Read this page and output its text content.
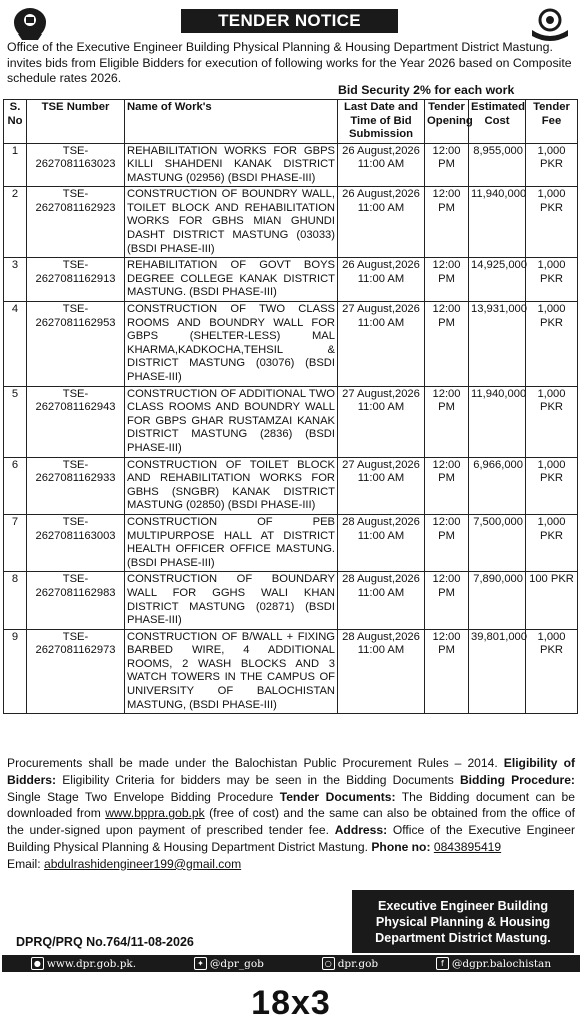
TENDER NOTICE
Office of the Executive Engineer Building Physical Planning & Housing Department District Mastung. invites bids from Eligible Bidders for execution of following works for the Year 2026 based on Composite schedule rates 2026.
Bid Security 2% for each work
S. No	TSE Number	Name of Work's	Last Date and Time of Bid Submission	Tender Opening	Estimated Cost	Tender Fee
1	TSE-2627081163023	REHABILITATION WORKS FOR GBPS KILLI SHAHDENI KANAK DISTRICT MASTUNG (02956) (BSDI PHASE-III)	26 August,2026 11:00 AM	12:00 PM	8,955,000	1,000 PKR
2	TSE-2627081162923	CONSTRUCTION OF BOUNDRY WALL, TOILET BLOCK AND REHABILITATION WORKS FOR GBHS MIAN GHUNDI DASHT DISTRICT MASTUNG (03033) (BSDI PHASE-III)	26 August,2026 11:00 AM	12:00 PM	11,940,000	1,000 PKR
3	TSE-2627081162913	REHABILITATION OF GOVT BOYS DEGREE COLLEGE KANAK DISTRICT MASTUNG. (BSDI PHASE-III)	26 August,2026 11:00 AM	12:00 PM	14,925,000	1,000 PKR
4	TSE-2627081162953	CONSTRUCTION OF TWO CLASS ROOMS AND BOUNDRY WALL FOR GBPS (SHELTER-LESS) MAL KHARMA,KADKOCHA,TEHSIL & DISTRICT MASTUNG (03076) (BSDI PHASE-III)	27 August,2026 11:00 AM	12:00 PM	13,931,000	1,000 PKR
5	TSE-2627081162943	CONSTRUCTION OF ADDITIONAL TWO CLASS ROOMS AND BOUNDRY WALL FOR GBPS GHAR RUSTAMZAI KANAK DISTRICT MASTUNG (2836) (BSDI PHASE-III)	27 August,2026 11:00 AM	12:00 PM	11,940,000	1,000 PKR
6	TSE-2627081162933	CONSTRUCTION OF TOILET BLOCK AND REHABILITATION WORKS FOR GBHS (SNGBR) KANAK DISTRICT MASTUNG (02850) (BSDI PHASE-III)	27 August,2026 11:00 AM	12:00 PM	6,966,000	1,000 PKR
7	TSE-2627081163003	CONSTRUCTION OF PEB MULTIPURPOSE HALL AT DISTRICT HEALTH OFFICER OFFICE MASTUNG. (BSDI PHASE-III)	28 August,2026 11:00 AM	12:00 PM	7,500,000	1,000 PKR
8	TSE-2627081162983	CONSTRUCTION OF BOUNDARY WALL FOR GGHS WALI KHAN DISTRICT MASTUNG (02871) (BSDI PHASE-III)	28 August,2026 11:00 AM	12:00 PM	7,890,000	100 PKR
9	TSE-2627081162973	CONSTRUCTION OF B/WALL + FIXING BARBED WIRE, 4 ADDITIONAL ROOMS, 2 WASH BLOCKS AND 3 WATCH TOWERS IN THE CAMPUS OF UNIVERSITY OF BALOCHISTAN MASTUNG, (BSDI PHASE-III)	28 August,2026 11:00 AM	12:00 PM	39,801,000	1,000 PKR
Procurements shall be made under the Balochistan Public Procurement Rules – 2014. Eligibility of Bidders: Eligibility Criteria for bidders may be seen in the Bidding Documents Bidding Procedure: Single Stage Two Envelope Bidding Procedure Tender Documents: The Bidding document can be downloaded from www.bppra.gob.pk (free of cost) and the same can also be obtained from the office of the under-signed upon payment of prescribed tender fee. Address: Office of the Executive Engineer Building Physical Planning & Housing Department District Mastung. Phone no: 0843895419
Email: abdulrashidengineer199@gmail.com
Executive Engineer Building
Physical Planning & Housing
Department District Mastung.
DPRQ/PRQ No.764/11-08-2026
● www.dpr.gob.pk.	✦ @dpr_gob	○ dpr.gob	f @dgpr.balochistan
18x3
